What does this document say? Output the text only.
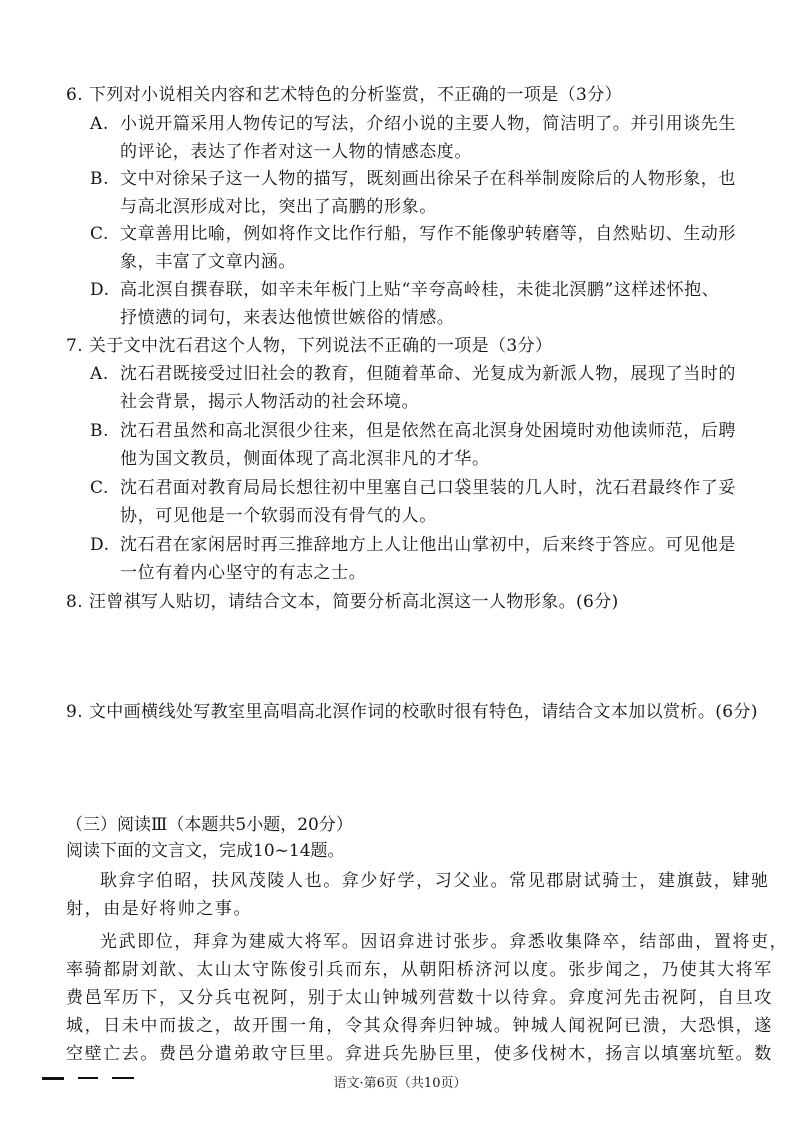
6. 下列对小说相关内容和艺术特色的分析鉴赏，不正确的一项是（3分）
A. 小说开篇采用人物传记的写法，介绍小说的主要人物，简洁明了。并引用谈先生
的评论，表达了作者对这一人物的情感态度。
B. 文中对徐呆子这一人物的描写，既刻画出徐呆子在科举制废除后的人物形象，也
与高北溟形成对比，突出了高鹏的形象。
C. 文章善用比喻，例如将作文比作行船，写作不能像驴转磨等，自然贴切、生动形
象，丰富了文章内涵。
D. 高北溟自撰春联，如辛未年板门上贴“辛夸高岭桂，未徙北溟鹏”这样述怀抱、
抒愤懑的词句，来表达他愤世嫉俗的情感。
7. 关于文中沈石君这个人物，下列说法不正确的一项是（3分）
A. 沈石君既接受过旧社会的教育，但随着革命、光复成为新派人物，展现了当时的
社会背景，揭示人物活动的社会环境。
B. 沈石君虽然和高北溟很少往来，但是依然在高北溟身处困境时劝他读师范，后聘
他为国文教员，侧面体现了高北溟非凡的才华。
C. 沈石君面对教育局局长想往初中里塞自己口袋里装的几人时，沈石君最终作了妥
协，可见他是一个软弱而没有骨气的人。
D. 沈石君在家闲居时再三推辞地方上人让他出山掌初中，后来终于答应。可见他是
一位有着内心坚守的有志之士。
8. 汪曾祺写人贴切，请结合文本，简要分析高北溟这一人物形象。(6分)
9. 文中画横线处写教室里高唱高北溟作词的校歌时很有特色，请结合文本加以赏析。(6分)
（三）阅读Ⅲ（本题共5小题，20分）
阅读下面的文言文，完成10~14题。
耿弇字伯昭，扶风茂陵人也。弇少好学，习父业。常见郡尉试骑士，建旗鼓，肄驰
射，由是好将帅之事。
光武即位，拜弇为建威大将军。因诏弇进讨张步。弇悉收集降卒，结部曲，置将吏，
率骑都尉刘歆、太山太守陈俊引兵而东，从朝阳桥济河以度。张步闻之，乃使其大将军
费邑军历下，又分兵屯祝阿，别于太山钟城列营数十以待弇。弇度河先击祝阿，自旦攻
城，日未中而拔之，故开围一角，令其众得奔归钟城。钟城人闻祝阿已溃，大恐惧，遂
空壁亡去。费邑分遣弟敢守巨里。弇进兵先胁巨里，使多伐树木，扬言以填塞坑堑。数
语文·第6页（共10页）
